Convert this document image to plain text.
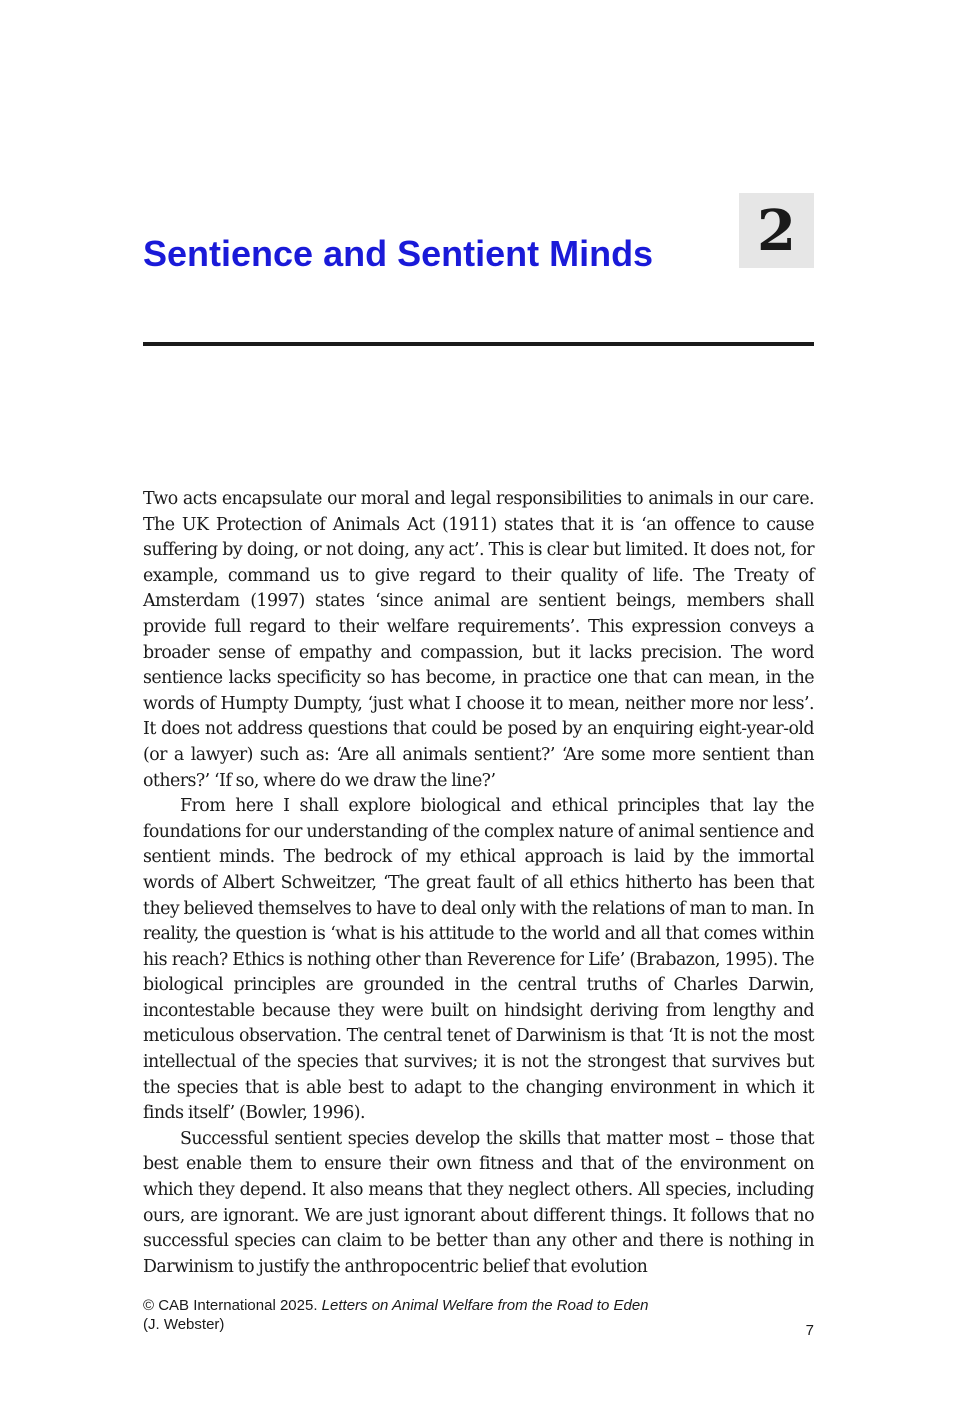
2
Sentience and Sentient Minds

Two acts encapsulate our moral and legal responsibilities to animals in our care. The UK Protection of Animals Act (1911) states that it is ‘an offence to cause suffering by doing, or not doing, any act’. This is clear but limited. It does not, for example, command us to give regard to their quality of life. The Treaty of Amsterdam (1997) states ‘since animal are sentient beings, members shall provide full regard to their welfare requirements’. This expression conveys a broader sense of empathy and compassion, but it lacks precision. The word sentience lacks specificity so has become, in practice one that can mean, in the words of Humpty Dumpty, ‘just what I choose it to mean, neither more nor less’. It does not address questions that could be posed by an enquiring eight-year-old (or a lawyer) such as: ‘Are all animals sentient?’ ‘Are some more sentient than others?’ ‘If so, where do we draw the line?’

From here I shall explore biological and ethical principles that lay the foundations for our understanding of the complex nature of animal sentience and sentient minds. The bedrock of my ethical approach is laid by the immortal words of Albert Schweitzer, ‘The great fault of all ethics hitherto has been that they believed themselves to have to deal only with the relations of man to man. In reality, the question is ‘what is his attitude to the world and all that comes within his reach? Ethics is nothing other than Reverence for Life’ (Brabazon, 1995). The biological principles are grounded in the central truths of Charles Darwin, incontestable because they were built on hindsight deriving from lengthy and meticulous observation. The central tenet of Darwinism is that ‘It is not the most intellectual of the species that survives; it is not the strongest that survives but the species that is able best to adapt to the changing environment in which it finds itself’ (Bowler, 1996).

Successful sentient species develop the skills that matter most – those that best enable them to ensure their own fitness and that of the environment on which they depend. It also means that they neglect others. All species, including ours, are ignorant. We are just ignorant about different things. It follows that no successful species can claim to be better than any other and there is nothing in Darwinism to justify the anthropocentric belief that evolution

© CAB International 2025. Letters on Animal Welfare from the Road to Eden
(J. Webster)	7
